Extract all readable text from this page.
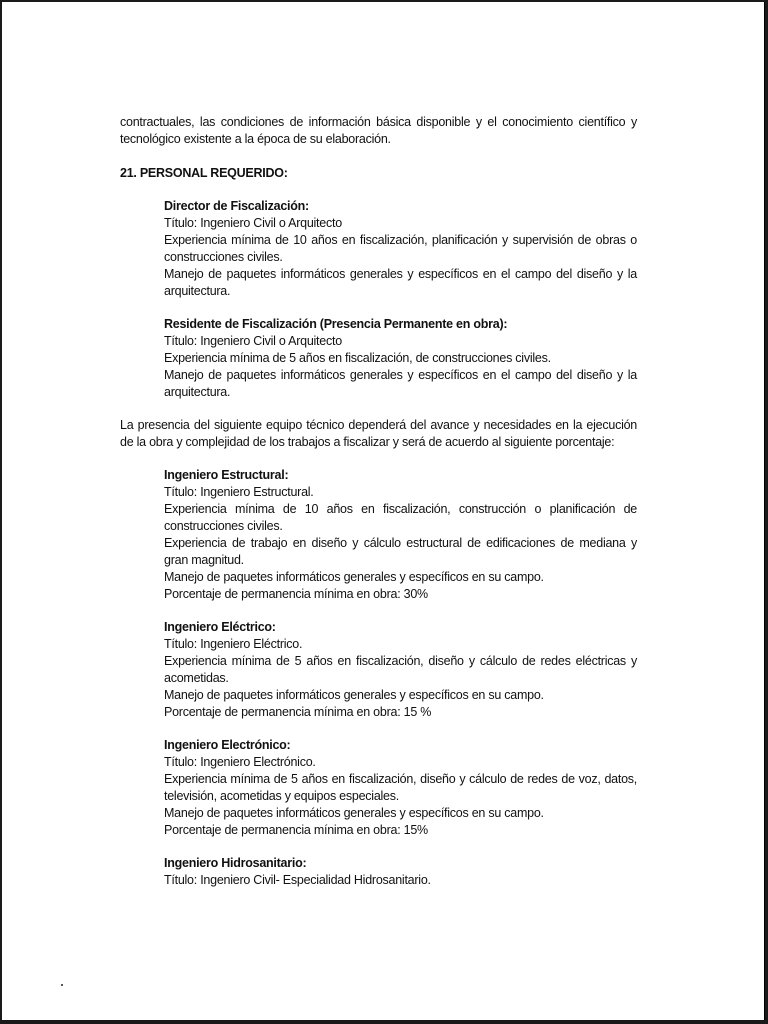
contractuales, las condiciones de información básica disponible y el conocimiento científico y tecnológico existente a la época de su elaboración.

21. PERSONAL REQUERIDO:

Director de Fiscalización:

Título: Ingeniero Civil o Arquitecto

Experiencia mínima de 10 años en fiscalización, planificación y supervisión de obras o construcciones civiles.

Manejo de paquetes informáticos generales y específicos en el campo del diseño y la arquitectura.

Residente de Fiscalización (Presencia Permanente en obra):

Título: Ingeniero Civil o Arquitecto

Experiencia mínima de 5 años en fiscalización, de construcciones civiles.

Manejo de paquetes informáticos generales y específicos en el campo del diseño y la arquitectura.

La presencia del siguiente equipo técnico dependerá del avance y necesidades en la ejecución de la obra y complejidad de los trabajos a fiscalizar y será de acuerdo al siguiente porcentaje:

Ingeniero Estructural:

Título: Ingeniero Estructural.

Experiencia mínima de 10 años en fiscalización, construcción o planificación de construcciones civiles.

Experiencia de trabajo en diseño y cálculo estructural de edificaciones de mediana y gran magnitud.

Manejo de paquetes informáticos generales y específicos en su campo.

Porcentaje de permanencia mínima en obra: 30%

Ingeniero Eléctrico:

Título: Ingeniero Eléctrico.

Experiencia mínima de 5 años en fiscalización, diseño y cálculo de redes eléctricas y acometidas.

Manejo de paquetes informáticos generales y específicos en su campo.

Porcentaje de permanencia mínima en obra: 15 %

Ingeniero Electrónico:

Título: Ingeniero Electrónico.

Experiencia mínima de 5 años en fiscalización, diseño y cálculo de redes de voz, datos, televisión, acometidas y equipos especiales.

Manejo de paquetes informáticos generales y específicos en su campo.

Porcentaje de permanencia mínima en obra: 15%

Ingeniero Hidrosanitario:

Título: Ingeniero Civil- Especialidad Hidrosanitario.
